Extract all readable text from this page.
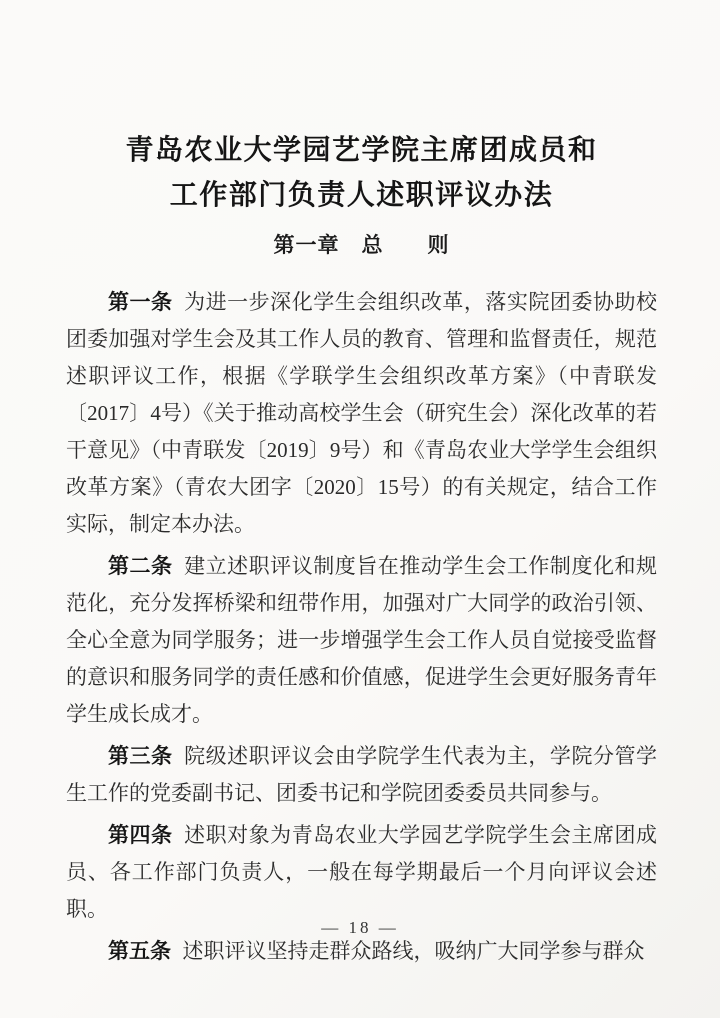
青岛农业大学园艺学院主席团成员和
工作部门负责人述职评议办法
第一章　总　　则

第一条 为进一步深化学生会组织改革，落实院团委协助校团委加强对学生会及其工作人员的教育、管理和监督责任，规范述职评议工作，根据《学联学生会组织改革方案》（中青联发〔2017〕4号）《关于推动高校学生会（研究生会）深化改革的若干意见》（中青联发〔2019〕9号）和《青岛农业大学学生会组织改革方案》（青农大团字〔2020〕15号）的有关规定，结合工作实际，制定本办法。

第二条 建立述职评议制度旨在推动学生会工作制度化和规范化，充分发挥桥梁和纽带作用，加强对广大同学的政治引领、全心全意为同学服务；进一步增强学生会工作人员自觉接受监督的意识和服务同学的责任感和价值感，促进学生会更好服务青年学生成长成才。

第三条 院级述职评议会由学院学生代表为主，学院分管学生工作的党委副书记、团委书记和学院团委委员共同参与。

第四条 述职对象为青岛农业大学园艺学院学生会主席团成员、各工作部门负责人，一般在每学期最后一个月向评议会述职。

第五条 述职评议坚持走群众路线，吸纳广大同学参与群众

— 18 —
